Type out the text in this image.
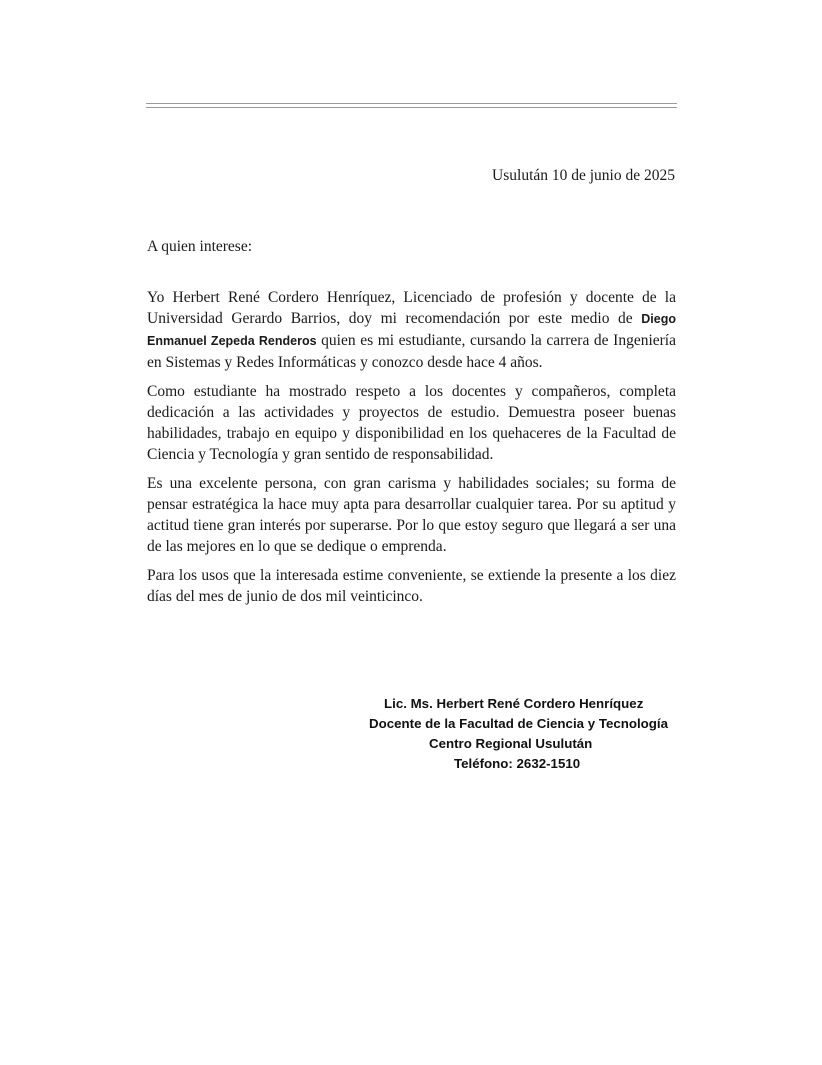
Usulután 10 de junio de 2025
A quien interese:

Yo Herbert René Cordero Henríquez, Licenciado de profesión y docente de la Universidad Gerardo Barrios, doy mi recomendación por este medio de Diego Enmanuel Zepeda Renderos quien es mi estudiante, cursando la carrera de Ingeniería en Sistemas y Redes Informáticas y conozco desde hace 4 años.

Como estudiante ha mostrado respeto a los docentes y compañeros, completa dedicación a las actividades y proyectos de estudio. Demuestra poseer buenas habilidades, trabajo en equipo y disponibilidad en los quehaceres de la Facultad de Ciencia y Tecnología y gran sentido de responsabilidad.

Es una excelente persona, con gran carisma y habilidades sociales; su forma de pensar estratégica la hace muy apta para desarrollar cualquier tarea. Por su aptitud y actitud tiene gran interés por superarse. Por lo que estoy seguro que llegará a ser una de las mejores en lo que se dedique o emprenda.

Para los usos que la interesada estime conveniente, se extiende la presente a los diez días del mes de junio de dos mil veinticinco.

Lic. Ms. Herbert René Cordero Henríquez
Docente de la Facultad de Ciencia y Tecnología
Centro Regional Usulután
Teléfono: 2632-1510
